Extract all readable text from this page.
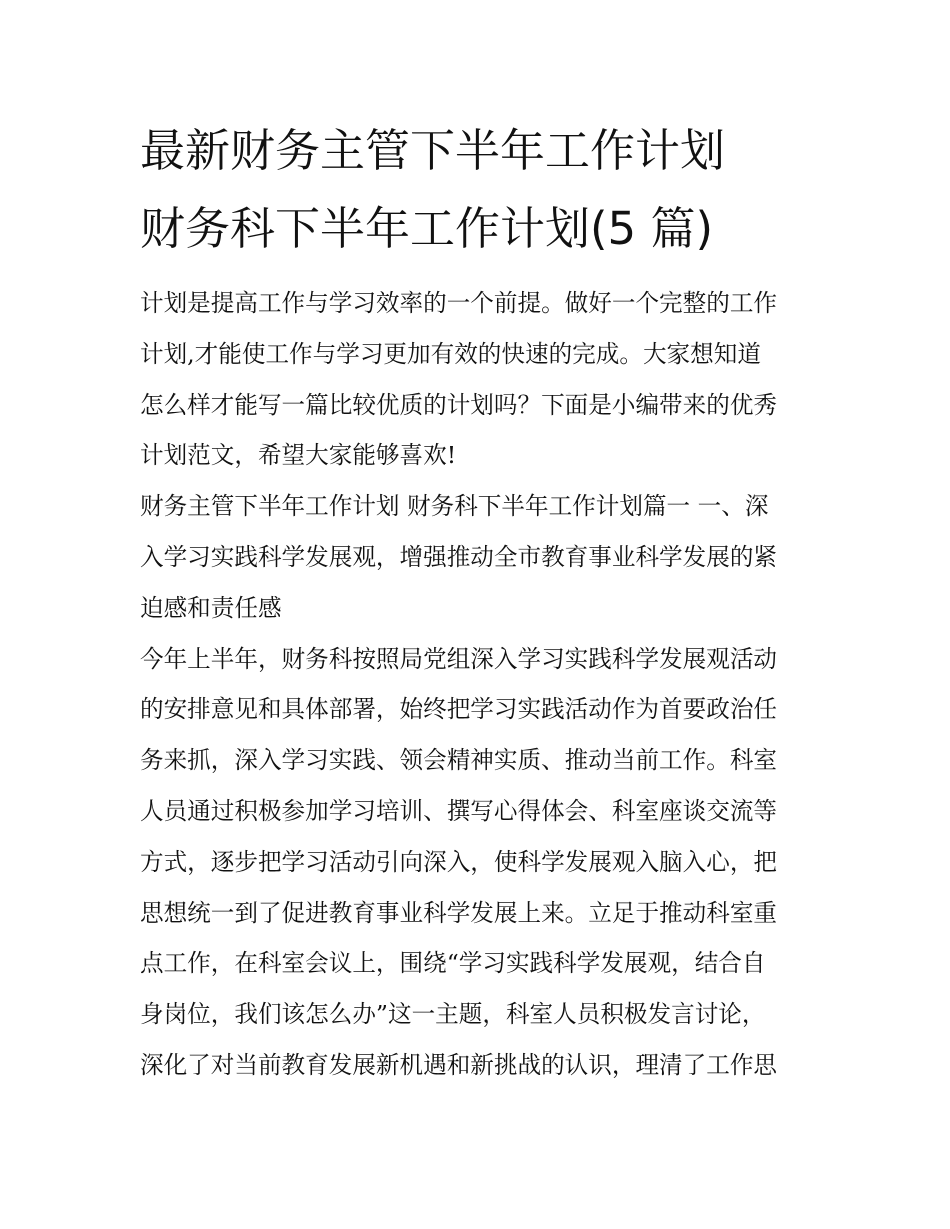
最新财务主管下半年工作计划
财务科下半年工作计划(5 篇)
计划是提高工作与学习效率的一个前提。做好一个完整的工作
计划,才能使工作与学习更加有效的快速的完成。大家想知道
怎么样才能写一篇比较优质的计划吗？下面是小编带来的优秀
计划范文，希望大家能够喜欢!
财务主管下半年工作计划 财务科下半年工作计划篇一 一、深
入学习实践科学发展观，增强推动全市教育事业科学发展的紧
迫感和责任感
今年上半年，财务科按照局党组深入学习实践科学发展观活动
的安排意见和具体部署，始终把学习实践活动作为首要政治任
务来抓，深入学习实践、领会精神实质、推动当前工作。科室
人员通过积极参加学习培训、撰写心得体会、科室座谈交流等
方式，逐步把学习活动引向深入，使科学发展观入脑入心，把
思想统一到了促进教育事业科学发展上来。立足于推动科室重
点工作，在科室会议上，围绕“学习实践科学发展观，结合自
身岗位，我们该怎么办”这一主题，科室人员积极发言讨论，
深化了对当前教育发展新机遇和新挑战的认识，理清了工作思
